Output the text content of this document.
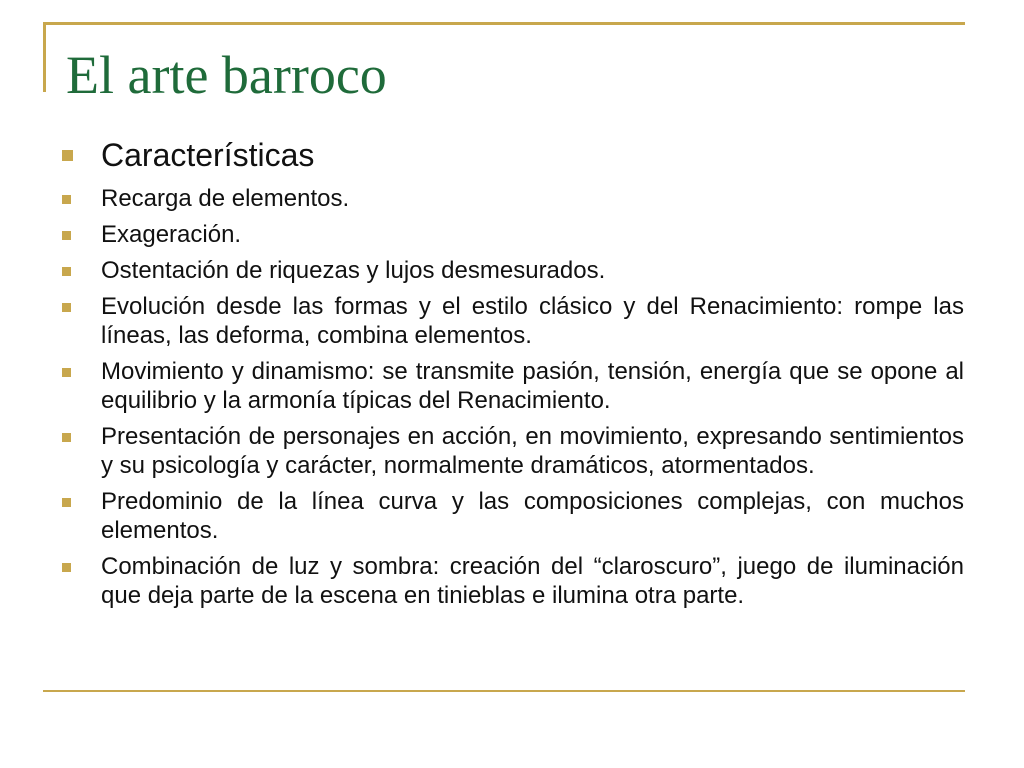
El arte barroco
Características
Recarga de elementos.
Exageración.
Ostentación de riquezas y lujos desmesurados.
Evolución desde las formas y el estilo clásico y del Renacimiento: rompe las líneas, las deforma, combina elementos.
Movimiento y dinamismo: se transmite pasión, tensión, energía que se opone al equilibrio y la armonía típicas del Renacimiento.
Presentación de personajes en acción, en movimiento, expresando sentimientos y su psicología y carácter, normalmente dramáticos, atormentados.
Predominio de la línea curva y las composiciones complejas, con muchos elementos.
Combinación de luz y sombra: creación del “claroscuro”, juego de iluminación que deja parte de la escena en tinieblas e ilumina otra parte.
